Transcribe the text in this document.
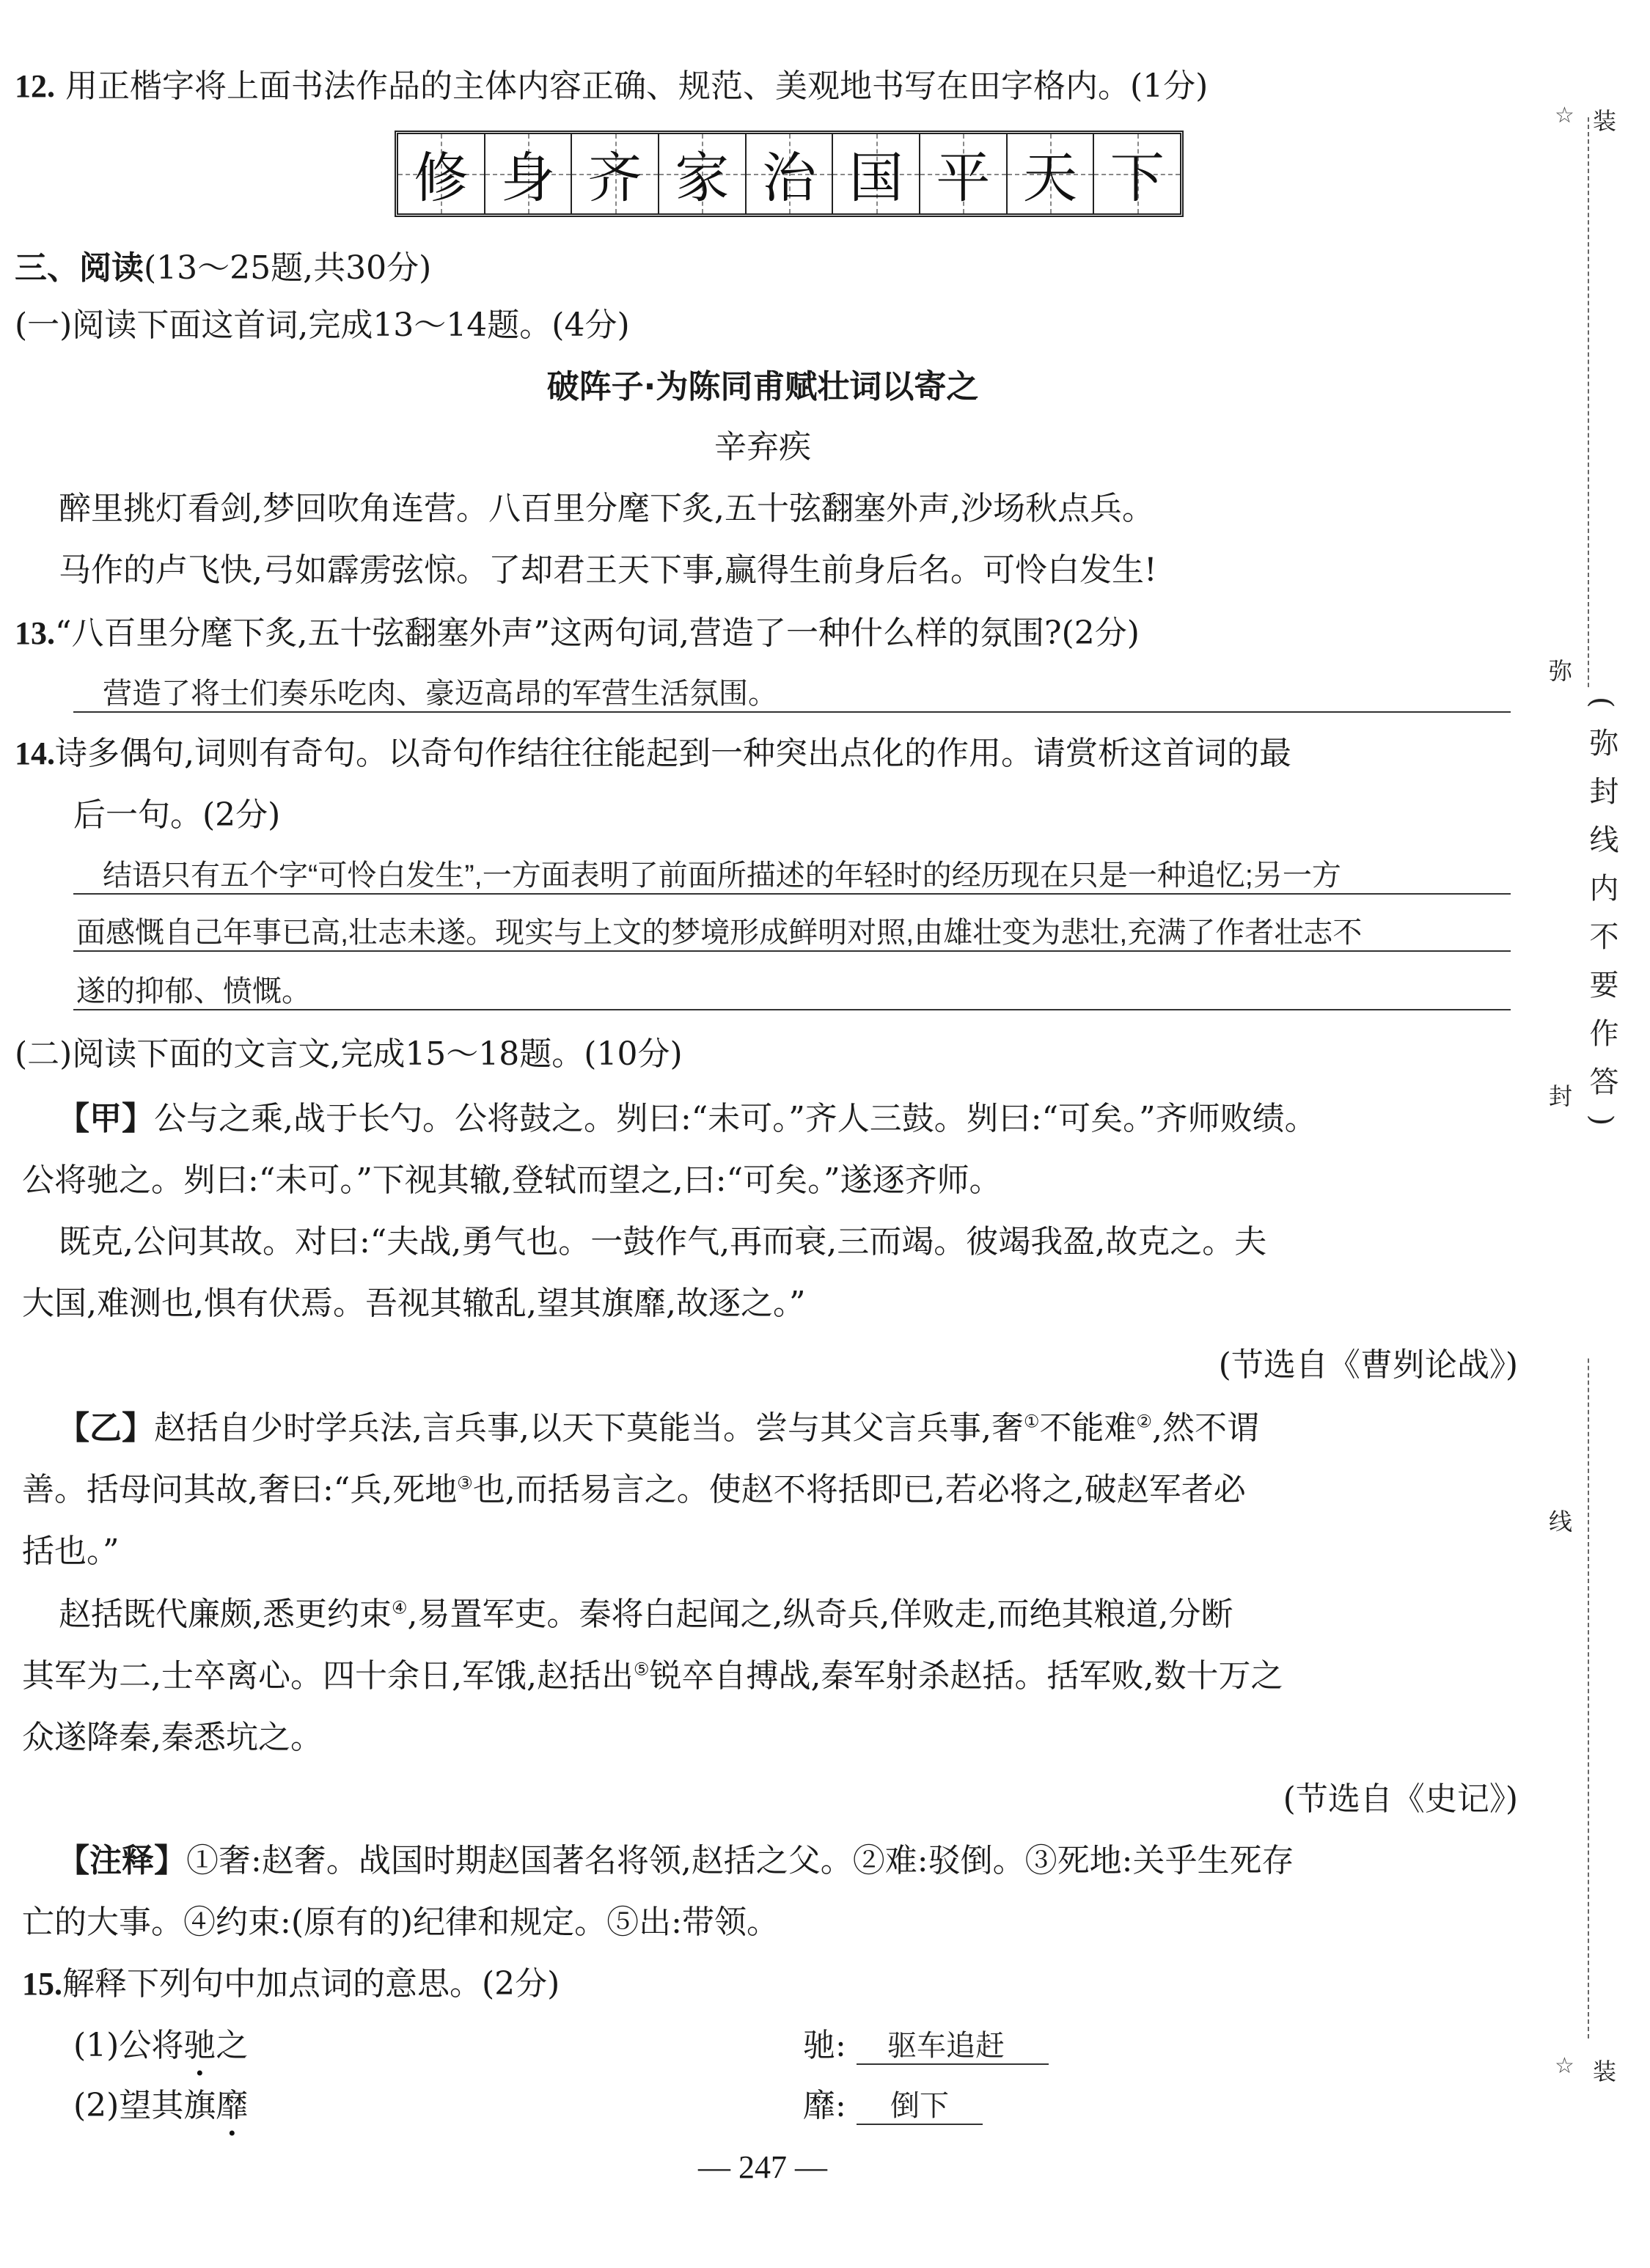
12. 用正楷字将上面书法作品的主体内容正确、规范、美观地书写在田字格内。(1分)
修 身 齐 家 治 国 平 天 下
三、阅读(13～25题,共30分)
(一)阅读下面这首词,完成13～14题。(4分)
破阵子·为陈同甫赋壮词以寄之
辛弃疾
醉里挑灯看剑,梦回吹角连营。八百里分麾下炙,五十弦翻塞外声,沙场秋点兵。
马作的卢飞快,弓如霹雳弦惊。了却君王天下事,赢得生前身后名。可怜白发生!
13.“八百里分麾下炙,五十弦翻塞外声”这两句词,营造了一种什么样的氛围?(2分)
营造了将士们奏乐吃肉、豪迈高昂的军营生活氛围。
14.诗多偶句,词则有奇句。以奇句作结往往能起到一种突出点化的作用。请赏析这首词的最
后一句。(2分)
结语只有五个字“可怜白发生”,一方面表明了前面所描述的年轻时的经历现在只是一种追忆;另一方
面感慨自己年事已高,壮志未遂。现实与上文的梦境形成鲜明对照,由雄壮变为悲壮,充满了作者壮志不
遂的抑郁、愤慨。
(二)阅读下面的文言文,完成15～18题。(10分)
【甲】公与之乘,战于长勺。公将鼓之。刿曰:“未可。”齐人三鼓。刿曰:“可矣。”齐师败绩。
公将驰之。刿曰:“未可。”下视其辙,登轼而望之,曰:“可矣。”遂逐齐师。
既克,公问其故。对曰:“夫战,勇气也。一鼓作气,再而衰,三而竭。彼竭我盈,故克之。夫
大国,难测也,惧有伏焉。吾视其辙乱,望其旗靡,故逐之。”
(节选自《曹刿论战》)
【乙】赵括自少时学兵法,言兵事,以天下莫能当。尝与其父言兵事,奢①不能难②,然不谓
善。括母问其故,奢曰:“兵,死地③也,而括易言之。使赵不将括即已,若必将之,破赵军者必
括也。”
赵括既代廉颇,悉更约束④,易置军吏。秦将白起闻之,纵奇兵,佯败走,而绝其粮道,分断
其军为二,士卒离心。四十余日,军饿,赵括出⑤锐卒自搏战,秦军射杀赵括。括军败,数十万之
众遂降秦,秦悉坑之。
(节选自《史记》)
【注释】①奢:赵奢。战国时期赵国著名将领,赵括之父。②难:驳倒。③死地:关乎生死存
亡的大事。④约束:(原有的)纪律和规定。⑤出:带领。
15.解释下列句中加点词的意思。(2分)
(1)公将驰之	驰: 驱车追赶
(2)望其旗靡	靡: 倒下
— 247 —
☆ 装
弥
封
线
(弥封线内不要作答)
☆ 装
